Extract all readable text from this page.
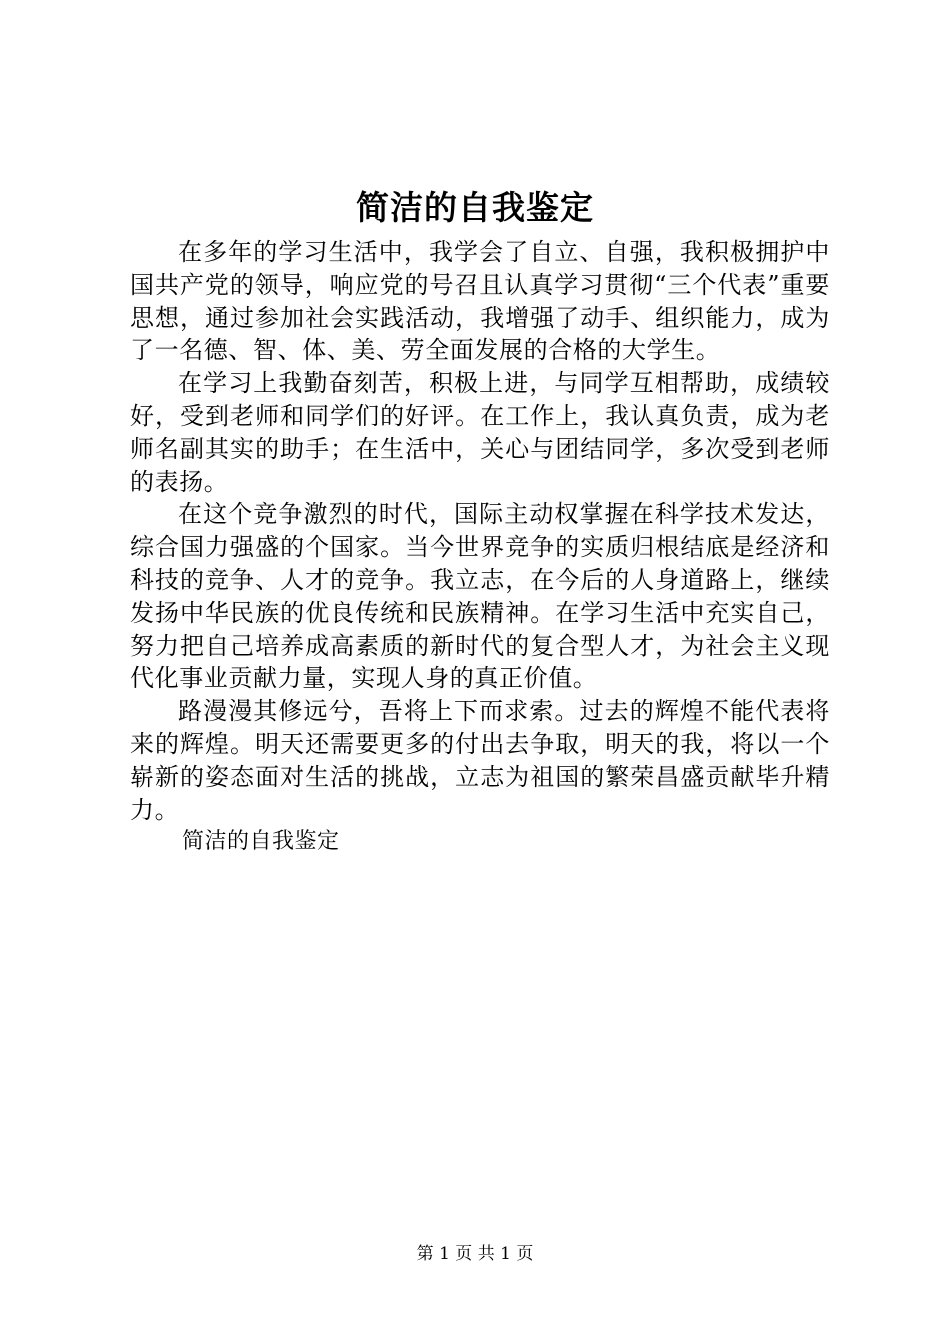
简洁的自我鉴定

在多年的学习生活中，我学会了自立、自强，我积极拥护中国共产党的领导，响应党的号召且认真学习贯彻“三个代表”重要思想，通过参加社会实践活动，我增强了动手、组织能力，成为了一名德、智、体、美、劳全面发展的合格的大学生。

在学习上我勤奋刻苦，积极上进，与同学互相帮助，成绩较好，受到老师和同学们的好评。在工作上，我认真负责，成为老师名副其实的助手；在生活中，关心与团结同学，多次受到老师的表扬。

在这个竞争激烈的时代，国际主动权掌握在科学技术发达，综合国力强盛的个国家。当今世界竞争的实质归根结底是经济和科技的竞争、人才的竞争。我立志，在今后的人身道路上，继续发扬中华民族的优良传统和民族精神。在学习生活中充实自己，努力把自己培养成高素质的新时代的复合型人才，为社会主义现代化事业贡献力量，实现人身的真正价值。

路漫漫其修远兮，吾将上下而求索。过去的辉煌不能代表将来的辉煌。明天还需要更多的付出去争取，明天的我，将以一个崭新的姿态面对生活的挑战，立志为祖国的繁荣昌盛贡献毕升精力。

简洁的自我鉴定

第 1 页 共 1 页
